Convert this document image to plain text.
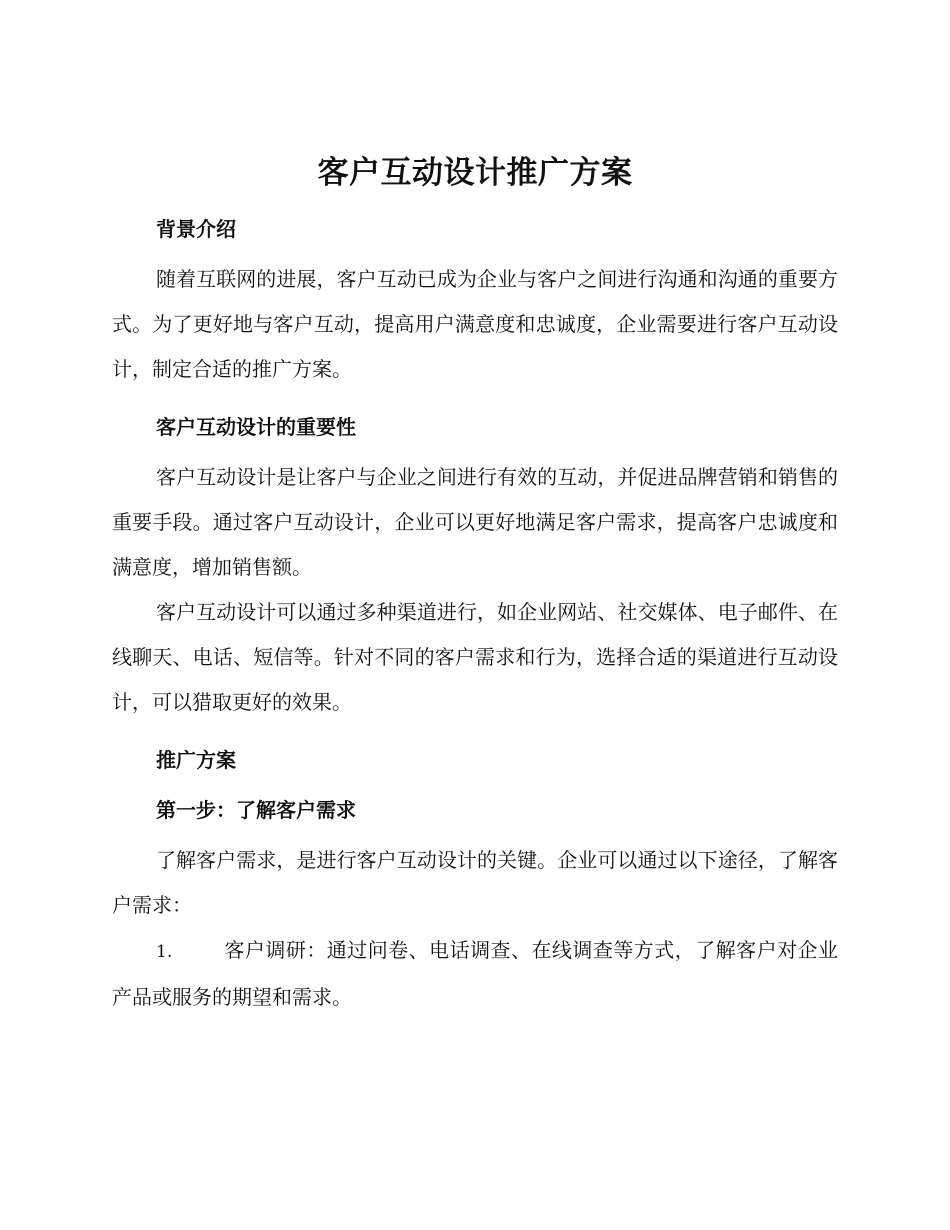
客户互动设计推广方案
背景介绍

随着互联网的进展，客户互动已成为企业与客户之间进行沟通和沟通的重要方式。为了更好地与客户互动，提高用户满意度和忠诚度，企业需要进行客户互动设计，制定合适的推广方案。

客户互动设计的重要性

客户互动设计是让客户与企业之间进行有效的互动，并促进品牌营销和销售的重要手段。通过客户互动设计，企业可以更好地满足客户需求，提高客户忠诚度和满意度，增加销售额。

客户互动设计可以通过多种渠道进行，如企业网站、社交媒体、电子邮件、在线聊天、电话、短信等。针对不同的客户需求和行为，选择合适的渠道进行互动设计，可以猎取更好的效果。

推广方案
第一步：了解客户需求

了解客户需求，是进行客户互动设计的关键。企业可以通过以下途径，了解客户需求：

1.	客户调研：通过问卷、电话调查、在线调查等方式，了解客户对企业产品或服务的期望和需求。
